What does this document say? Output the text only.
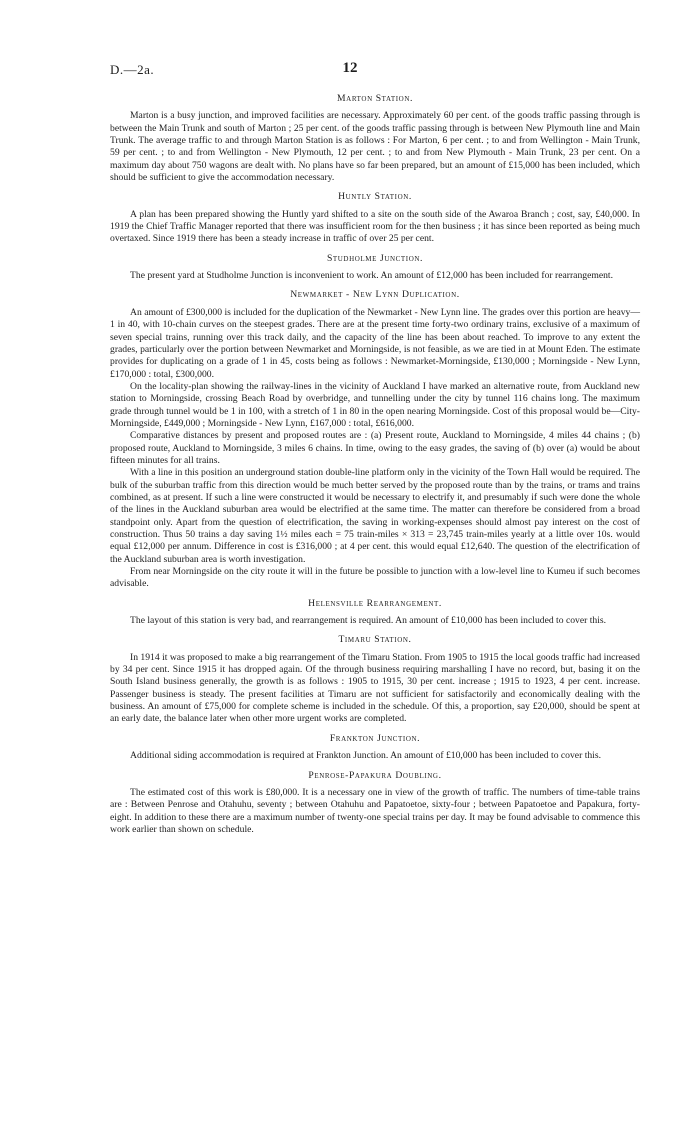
D.—2a.	12
Marton Station.

Marton is a busy junction, and improved facilities are necessary. Approximately 60 per cent. of the goods traffic passing through is between the Main Trunk and south of Marton ; 25 per cent. of the goods traffic passing through is between New Plymouth line and Main Trunk. The average traffic to and through Marton Station is as follows : For Marton, 6 per cent. ; to and from Wellington - Main Trunk, 59 per cent. ; to and from Wellington - New Plymouth, 12 per cent. ; to and from New Plymouth - Main Trunk, 23 per cent. On a maximum day about 750 wagons are dealt with. No plans have so far been prepared, but an amount of £15,000 has been included, which should be sufficient to give the accommodation necessary.

Huntly Station.

A plan has been prepared showing the Huntly yard shifted to a site on the south side of the Awaroa Branch ; cost, say, £40,000. In 1919 the Chief Traffic Manager reported that there was insufficient room for the then business ; it has since been reported as being much overtaxed. Since 1919 there has been a steady increase in traffic of over 25 per cent.

Studholme Junction.

The present yard at Studholme Junction is inconvenient to work. An amount of £12,000 has been included for rearrangement.

Newmarket - New Lynn Duplication.

An amount of £300,000 is included for the duplication of the Newmarket - New Lynn line. The grades over this portion are heavy—1 in 40, with 10-chain curves on the steepest grades. There are at the present time forty-two ordinary trains, exclusive of a maximum of seven special trains, running over this track daily, and the capacity of the line has been about reached. To improve to any extent the grades, particularly over the portion between Newmarket and Morningside, is not feasible, as we are tied in at Mount Eden. The estimate provides for duplicating on a grade of 1 in 45, costs being as follows : Newmarket-Morningside, £130,000 ; Morningside - New Lynn, £170,000 : total, £300,000.

On the locality-plan showing the railway-lines in the vicinity of Auckland I have marked an alternative route, from Auckland new station to Morningside, crossing Beach Road by overbridge, and tunnelling under the city by tunnel 116 chains long. The maximum grade through tunnel would be 1 in 100, with a stretch of 1 in 80 in the open nearing Morningside. Cost of this proposal would be—City-Morningside, £449,000 ; Morningside - New Lynn, £167,000 : total, £616,000.

Comparative distances by present and proposed routes are : (a) Present route, Auckland to Morningside, 4 miles 44 chains ; (b) proposed route, Auckland to Morningside, 3 miles 6 chains. In time, owing to the easy grades, the saving of (b) over (a) would be about fifteen minutes for all trains.

With a line in this position an underground station double-line platform only in the vicinity of the Town Hall would be required. The bulk of the suburban traffic from this direction would be much better served by the proposed route than by the trains, or trams and trains combined, as at present. If such a line were constructed it would be necessary to electrify it, and presumably if such were done the whole of the lines in the Auckland suburban area would be electrified at the same time. The matter can therefore be considered from a broad standpoint only. Apart from the question of electrification, the saving in working-expenses should almost pay interest on the cost of construction. Thus 50 trains a day saving 1½ miles each = 75 train-miles × 313 = 23,745 train-miles yearly at a little over 10s. would equal £12,000 per annum. Difference in cost is £316,000 ; at 4 per cent. this would equal £12,640. The question of the electrification of the Auckland suburban area is worth investigation.

From near Morningside on the city route it will in the future be possible to junction with a low-level line to Kumeu if such becomes advisable.

Helensville Rearrangement.

The layout of this station is very bad, and rearrangement is required. An amount of £10,000 has been included to cover this.

Timaru Station.

In 1914 it was proposed to make a big rearrangement of the Timaru Station. From 1905 to 1915 the local goods traffic had increased by 34 per cent. Since 1915 it has dropped again. Of the through business requiring marshalling I have no record, but, basing it on the South Island business generally, the growth is as follows : 1905 to 1915, 30 per cent. increase ; 1915 to 1923, 4 per cent. increase. Passenger business is steady. The present facilities at Timaru are not sufficient for satisfactorily and economically dealing with the business. An amount of £75,000 for complete scheme is included in the schedule. Of this, a proportion, say £20,000, should be spent at an early date, the balance later when other more urgent works are completed.

Frankton Junction.

Additional siding accommodation is required at Frankton Junction. An amount of £10,000 has been included to cover this.

Penrose-Papakura Doubling.

The estimated cost of this work is £80,000. It is a necessary one in view of the growth of traffic. The numbers of time-table trains are : Between Penrose and Otahuhu, seventy ; between Otahuhu and Papatoetoe, sixty-four ; between Papatoetoe and Papakura, forty-eight. In addition to these there are a maximum number of twenty-one special trains per day. It may be found advisable to commence this work earlier than shown on schedule.
